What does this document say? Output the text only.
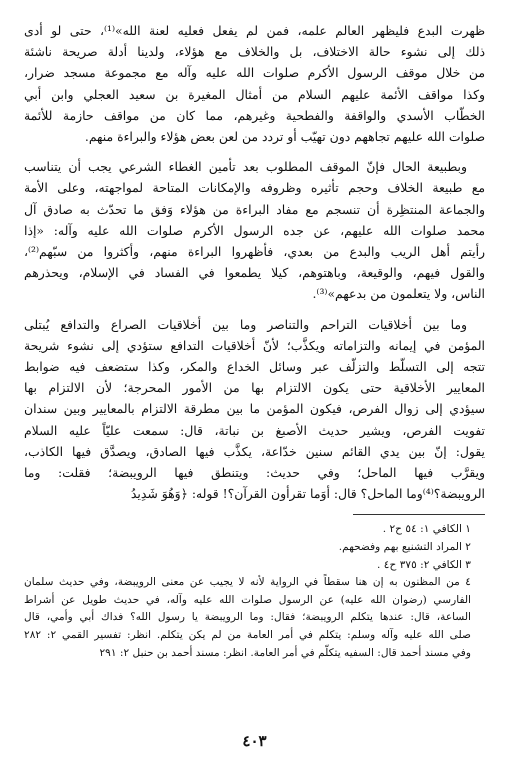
ظهرت البدع فليظهر العالم علمه، فمن لم يفعل فعليه لعنة الله»⁽¹⁾، حتى لو أدى
ذلك إلى نشوء حالة الاختلاف، بل والخلاف مع هؤلاء، ولدينا أدلة صريحة ناشئة
من خلال موقف الرسول الأكرم صلوات الله عليه وآله مع مجموعة مسجد ضرار،
وكذا مواقف الأئمة عليهم السلام من أمثال المغيرة بن سعيد العجلي وابن أبي
الخطّاب الأسدي والواقفة والفطحية وغيرهم، مما كان من مواقف حازمة للأئمة
صلوات الله عليهم تجاههم دون تهيّب أو تردد من لعن بعض هؤلاء والبراءة منهم.
وبطبيعة الحال فإنّ الموقف المطلوب بعد تأمين الغطاء الشرعي يجب أن يتناسب
مع طبيعة الخلاف وحجم تأثيره وظروفه والإمكانات المتاحة لمواجهته، وعلى الأمة
والجماعة المنتظِرة أن تنسجم مع مفاد البراءة من هؤلاء وَفق ما تحدّث به صادق آل
محمد صلوات الله عليهم، عن جده الرسول الأكرم صلوات الله عليه وآله: «إذا
رأيتم أهل الريب والبدع من بعدي، فأظهروا البراءة منهم، وأكثروا من سبّهم⁽²⁾،
والقول فيهم، والوقيعة، وباهتوهم، كيلا يطمعوا في الفساد في الإسلام، ويحذرهم
الناس، ولا يتعلمون من بدعهم»⁽³⁾.
وما بين أخلاقيات التراحم والتناصر وما بين أخلاقيات الصراع والتدافع يُبتلى
المؤمن في إيمانه والتزاماته ويكذَّب؛ لأنّ أخلاقيات التدافع ستؤدي إلى نشوء شريحة
تتجه إلى التسلّط والتزلّف عبر وسائل الخداع والمكر، وكذا ستضعف فيه ضوابط
المعايير الأخلاقية حتى يكون الالتزام بها من الأمور المحرجة؛ لأن الالتزام بها
سيؤدي إلى زوال الفرص، فيكون المؤمن ما بين مطرقة الالتزام بالمعايير وبين سندان
تفويت الفرص، ويشير حديث الأصبغ بن نباتة، قال: سمعت عليّاً عليه السلام
يقول: إنّ بين يدي القائم سنين خدّاعة، يكذَّب فيها الصادق، ويصدَّق فيها الكاذب،
ويقرَّب فيها الماحل؛ وفي حديث: ويتنطق فيها الرويبضة؛ فقلت: وما
الرويبضة؟⁽⁴⁾وما الماحل؟ قال: أوَما تقرأون القرآن؟! قوله: ﴿وَهُوَ شَدِيدُ
١ الكافي ١: ٥٤ ح٢ .
٢ المراد التشنيع بهم وفضحهم.
٣ الكافي ٢: ٣٧٥ ح٤ .
٤ من المظنون به إن هنا سقطاً في الرواية لأنه لا يجيب عن معنى الرويبضة، وفي حديث سلمان
الفارسي (رضوان الله عليه) عن الرسول صلوات الله عليه وآله، في حديث طويل عن أشراط
الساعة، قال: عندها يتكلم الرويبضة؛ فقال: وما الرويبضة يا رسول الله؟ فداك أبي وأمي، قال
صلى الله عليه وآله وسلم: يتكلم في أمر العامة من لم يكن يتكلم. انظر: تفسير القمي ٢: ٢٨٢
وفي مسند أحمد قال: السفيه يتكلّم في أمر العامة. انظر: مسند أحمد بن حنبل ٢: ٢٩١
٤٠٣
